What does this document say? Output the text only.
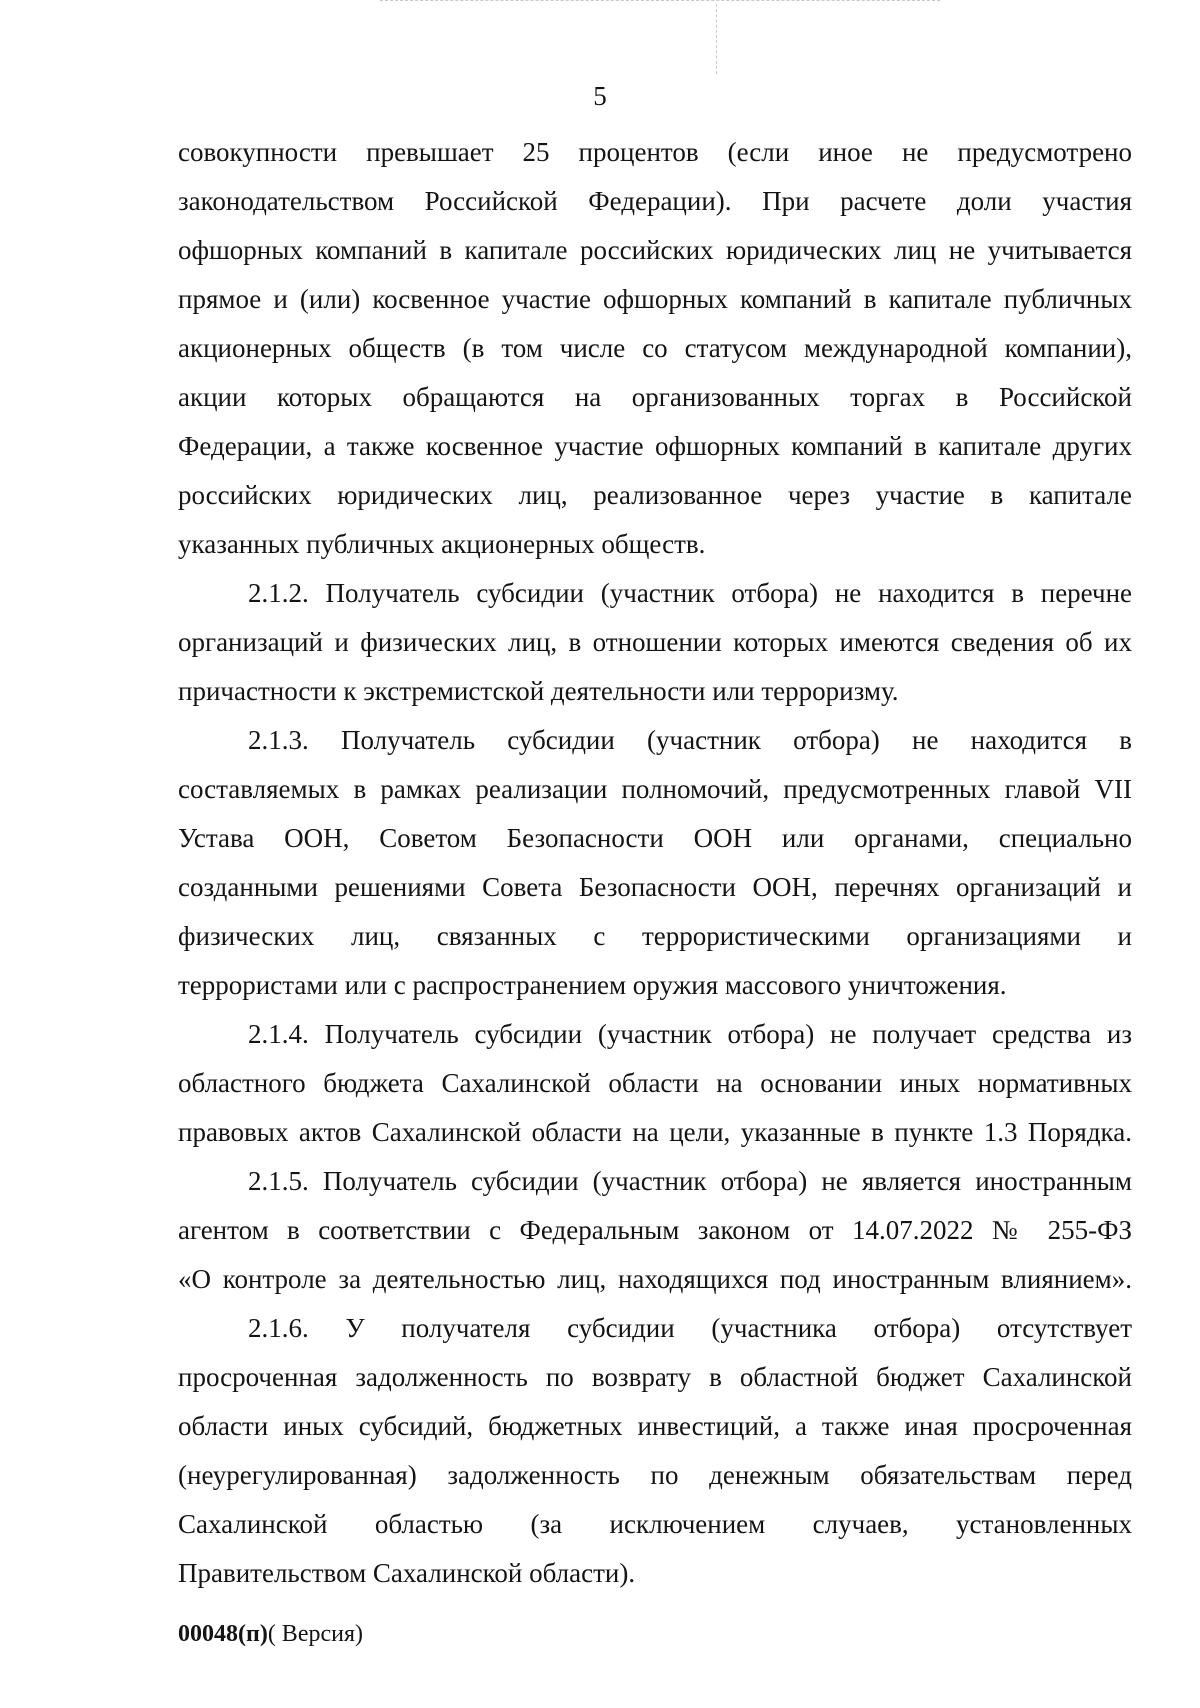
5
совокупности превышает 25 процентов (если иное не предусмотрено
законодательством Российской Федерации). При расчете доли участия
офшорных компаний в капитале российских юридических лиц не учитывается
прямое и (или) косвенное участие офшорных компаний в капитале публичных
акционерных обществ (в том числе со статусом международной компании),
акции которых обращаются на организованных торгах в Российской
Федерации, а также косвенное участие офшорных компаний в капитале других
российских юридических лиц, реализованное через участие в капитале
указанных публичных акционерных обществ.
2.1.2. Получатель субсидии (участник отбора) не находится в перечне
организаций и физических лиц, в отношении которых имеются сведения об их
причастности к экстремистской деятельности или терроризму.
2.1.3. Получатель субсидии (участник отбора) не находится в
составляемых в рамках реализации полномочий, предусмотренных главой VII
Устава ООН, Советом Безопасности ООН или органами, специально
созданными решениями Совета Безопасности ООН, перечнях организаций и
физических лиц, связанных с террористическими организациями и
террористами или с распространением оружия массового уничтожения.
2.1.4. Получатель субсидии (участник отбора) не получает средства из
областного бюджета Сахалинской области на основании иных нормативных
правовых актов Сахалинской области на цели, указанные в пункте 1.3 Порядка.
2.1.5. Получатель субсидии (участник отбора) не является иностранным
агентом в соответствии с Федеральным законом от 14.07.2022 № 255-ФЗ
«О контроле за деятельностью лиц, находящихся под иностранным влиянием».
2.1.6. У получателя субсидии (участника отбора) отсутствует
просроченная задолженность по возврату в областной бюджет Сахалинской
области иных субсидий, бюджетных инвестиций, а также иная просроченная
(неурегулированная) задолженность по денежным обязательствам перед
Сахалинской областью (за исключением случаев, установленных
Правительством Сахалинской области).
00048(п)( Версия)
